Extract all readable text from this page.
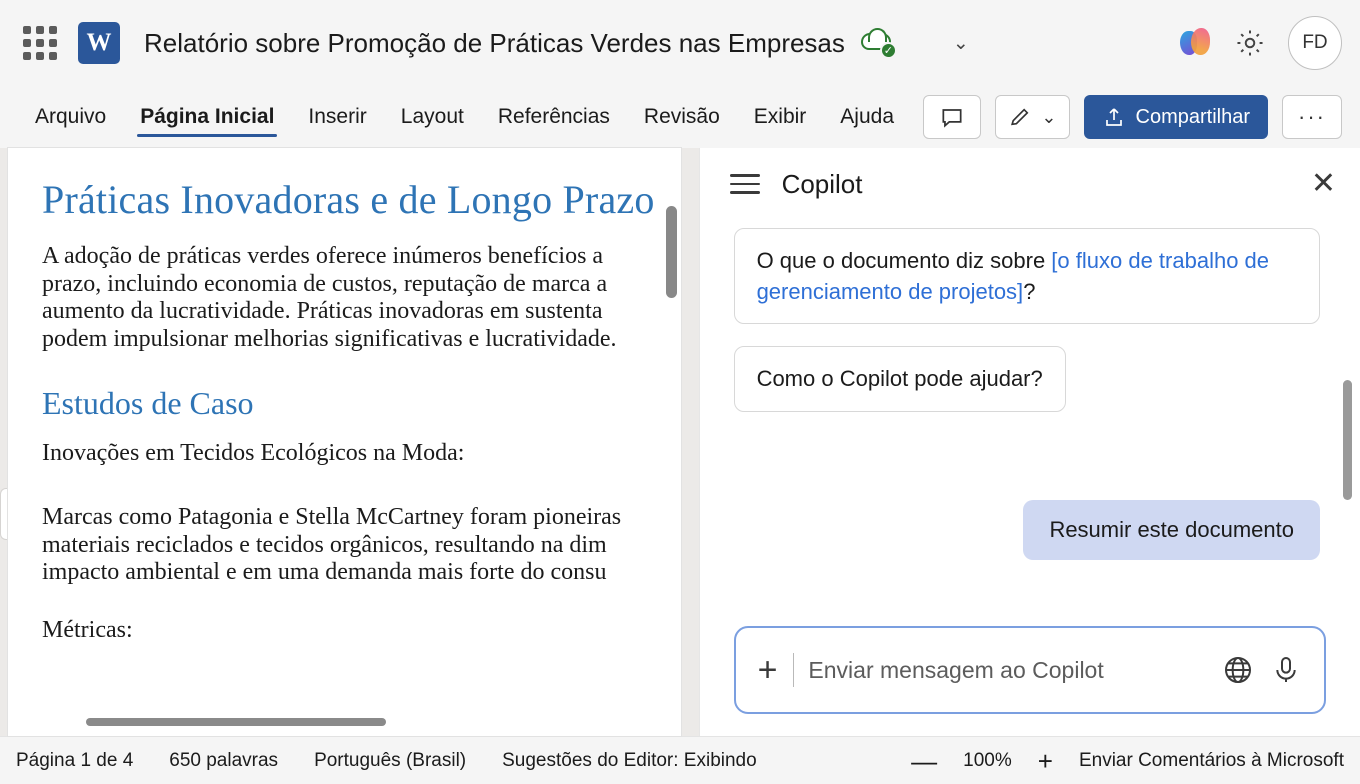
W Relatório sobre Promoção de Práticas Verdes nas Empresas	✓	⌄	FD
Arquivo	Página Inicial	Inserir	Layout	Referências	Revisão	Exibir	Ajuda	⌄	Compartilhar	···
Práticas Inovadoras e de Longo Prazo

A adoção de práticas verdes oferece inúmeros benefícios a

prazo, incluindo economia de custos, reputação de marca a

aumento da lucratividade. Práticas inovadoras em sustenta

podem impulsionar melhorias significativas e lucratividade.

Estudos de Caso

Inovações em Tecidos Ecológicos na Moda:

Marcas como Patagonia e Stella McCartney foram pioneiras

materiais reciclados e tecidos orgânicos, resultando na dim

impacto ambiental e em uma demanda mais forte do consu

Métricas:

Copilot	✕
O que o documento diz sobre [o fluxo de trabalho de gerenciamento de projetos]?
Como o Copilot pode ajudar?
Resumir este documento
+
Enviar mensagem ao Copilot
Página 1 de 4 650 palavras Português (Brasil) Sugestões do Editor: Exibindo	— 100% + Enviar Comentários à Microsoft
